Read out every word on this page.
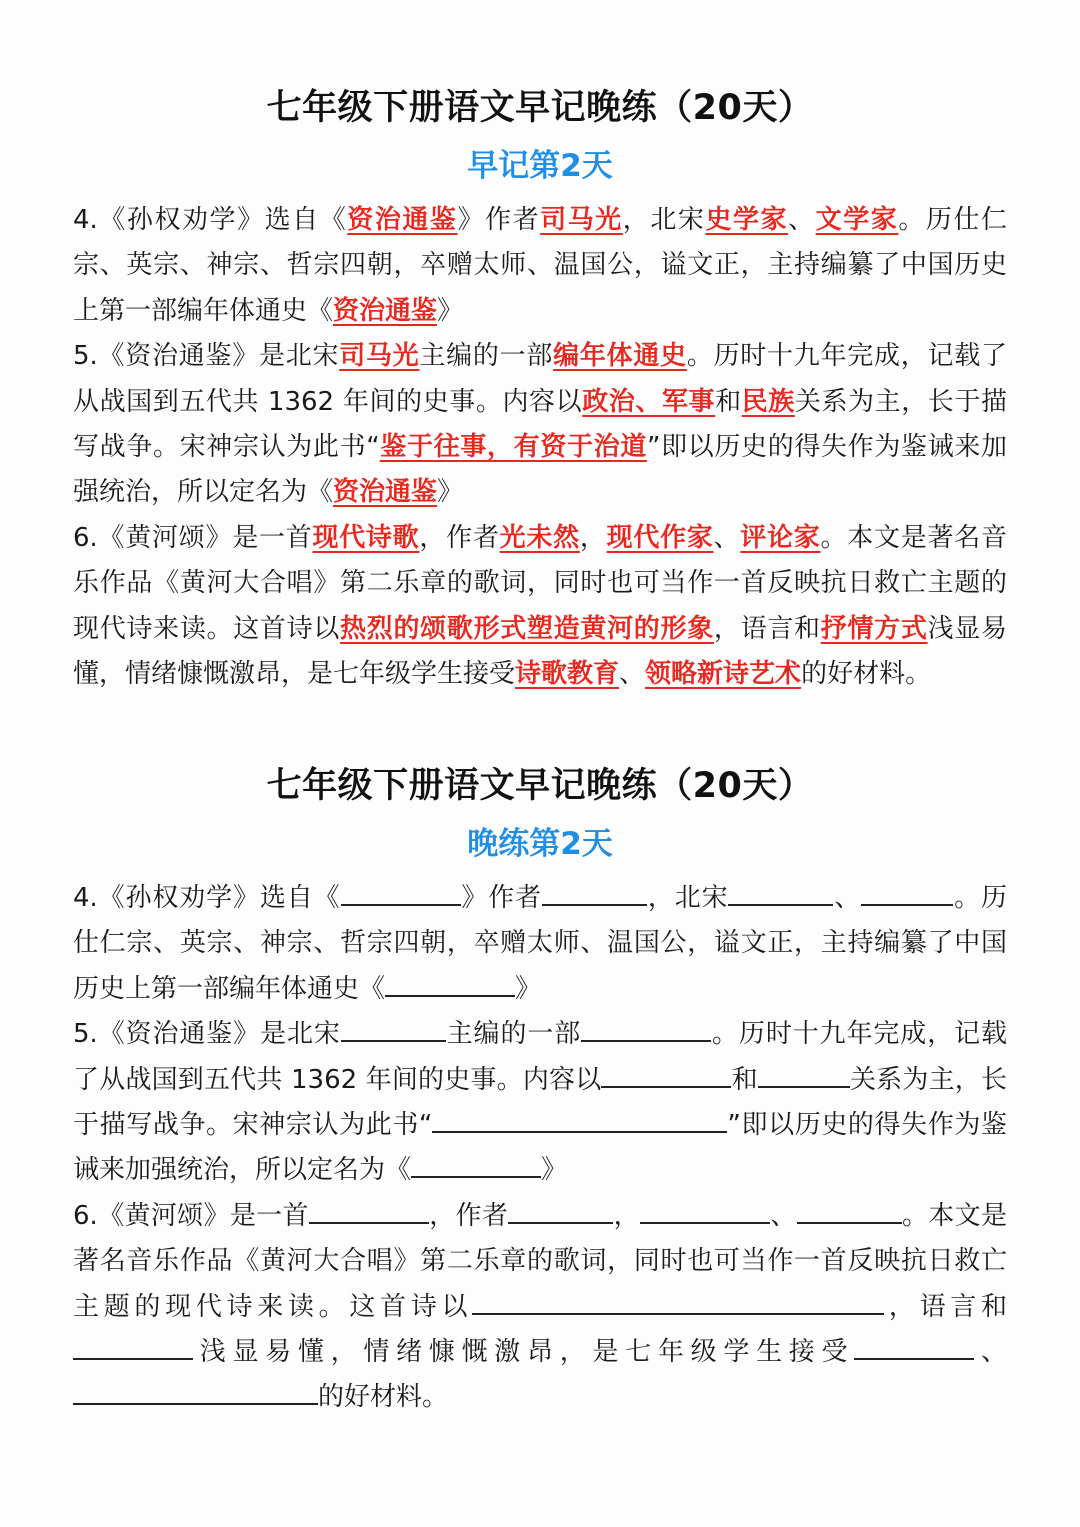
七年级下册语文早记晚练（20天）
早记第2天
4.《孙权劝学》选自《资治通鉴》作者司马光，北宋史学家、文学家。历仕仁宗、英宗、神宗、哲宗四朝，卒赠太师、温国公，谥文正，主持编纂了中国历史上第一部编年体通史《资治通鉴》
5.《资治通鉴》是北宋司马光主编的一部编年体通史。历时十九年完成，记载了从战国到五代共 1362 年间的史事。内容以政治、军事和民族关系为主，长于描写战争。宋神宗认为此书“鉴于往事，有资于治道”即以历史的得失作为鉴诫来加强统治，所以定名为《资治通鉴》
6.《黄河颂》是一首现代诗歌，作者光未然，现代作家、评论家。本文是著名音乐作品《黄河大合唱》第二乐章的歌词，同时也可当作一首反映抗日救亡主题的现代诗来读。这首诗以热烈的颂歌形式塑造黄河的形象，语言和抒情方式浅显易懂，情绪慷慨激昂，是七年级学生接受诗歌教育、领略新诗艺术的好材料。
七年级下册语文早记晚练（20天）
晚练第2天
4.《孙权劝学》选自《	》作者	，北宋	、	。历仕仁宗、英宗、神宗、哲宗四朝，卒赠太师、温国公，谥文正，主持编纂了中国历史上第一部编年体通史《	》
5.《资治通鉴》是北宋	主编的一部	。历时十九年完成，记载了从战国到五代共 1362 年间的史事。内容以	和	关系为主，长于描写战争。宋神宗认为此书“	”即以历史的得失作为鉴诫来加强统治，所以定名为《	》
6.《黄河颂》是一首	，作者	，	、	。本文是著名音乐作品《黄河大合唱》第二乐章的歌词，同时也可当作一首反映抗日救亡主题的现代诗来读。这首诗以	，语言和浅显易懂，情绪慷慨激昂，是七年级学生接受	、的好材料。
